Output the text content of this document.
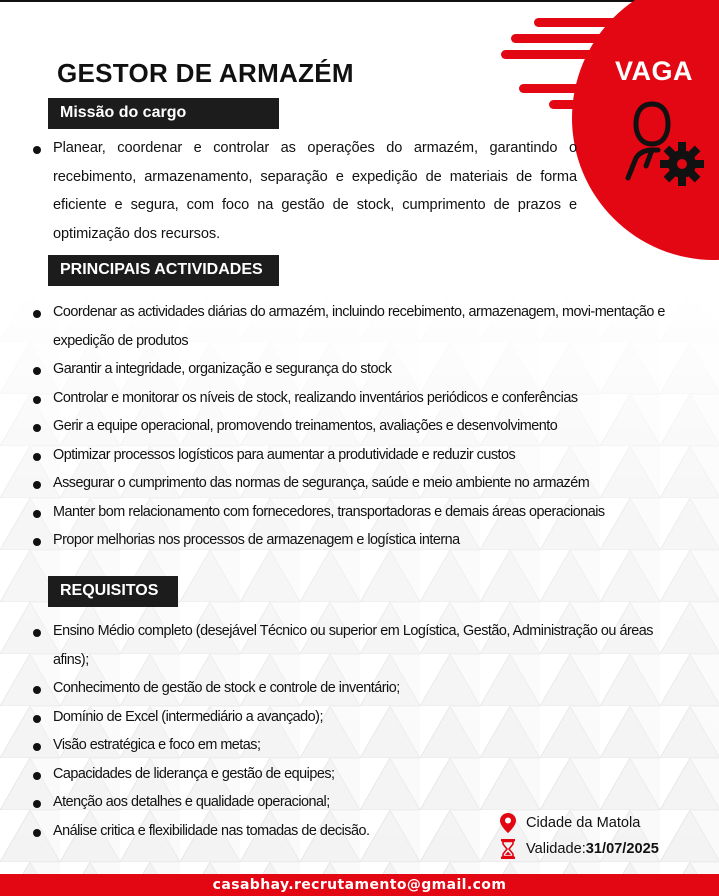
VAGA
GESTOR DE ARMAZÉM
Missão do cargo
Planear, coordenar e controlar as operações do armazém, garantindo o recebimento, armazenamento, separação e expedição de materiais de forma eficiente e segura, com foco na gestão de stock, cumprimento de prazos e optimização dos recursos.
PRINCIPAIS ACTIVIDADES
Coordenar as actividades diárias do armazém, incluindo recebimento, armazenagem, movi-mentação e expedição de produtos
Garantir a integridade, organização e segurança do stock
Controlar e monitorar os níveis de stock, realizando inventários periódicos e conferências
Gerir a equipe operacional, promovendo treinamentos, avaliações e desenvolvimento
Optimizar processos logísticos para aumentar a produtividade e reduzir custos
Assegurar o cumprimento das normas de segurança, saúde e meio ambiente no armazém
Manter bom relacionamento com fornecedores, transportadoras e demais áreas operacionais
Propor melhorias nos processos de armazenagem e logística interna
REQUISITOS
Ensino Médio completo (desejável Técnico ou superior em Logística, Gestão, Administração ou áreas afins);
Conhecimento de gestão de stock e controle de inventário;
Domínio de Excel (intermediário a avançado);
Visão estratégica e foco em metas;
Capacidades de liderança e gestão de equipes;
Atenção aos detalhes e qualidade operacional;
Análise critica e flexibilidade nas tomadas de decisão.	Cidade da Matola
Validade: 31/07/2025
casabhay.recrutamento@gmail.com
